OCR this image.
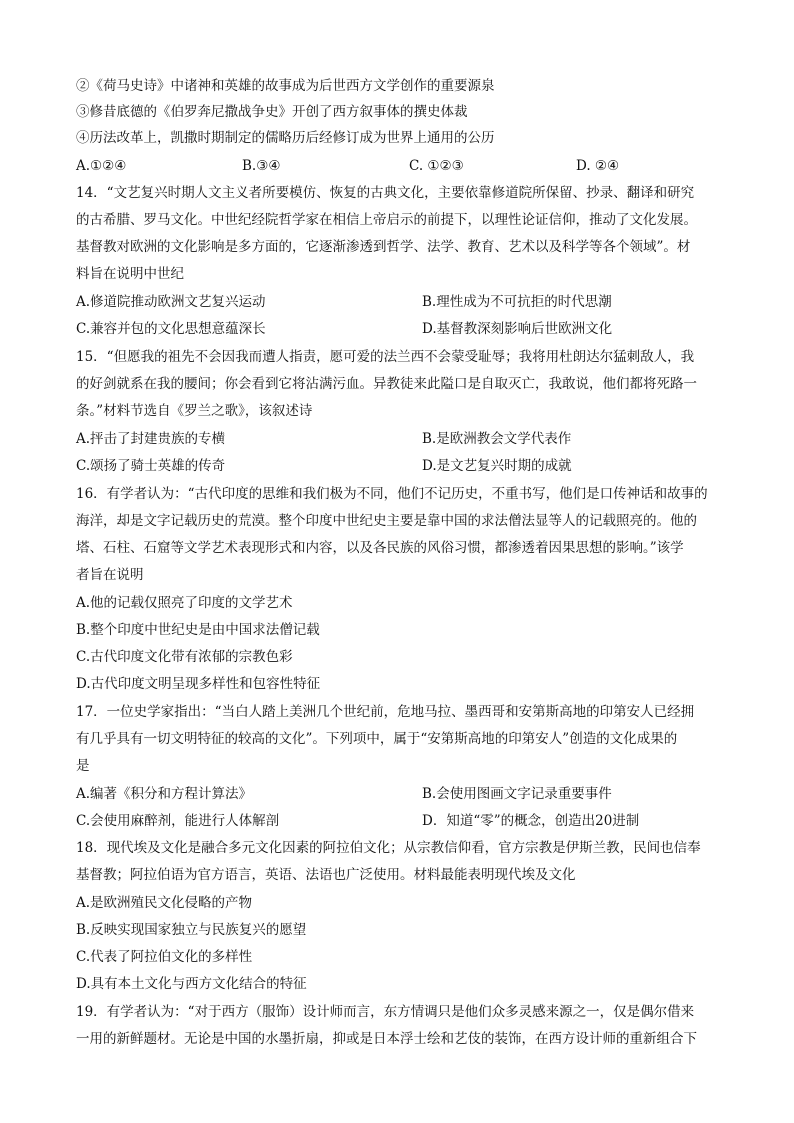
②《荷马史诗》中诸神和英雄的故事成为后世西方文学创作的重要源泉
③修昔底德的《伯罗奔尼撒战争史》开创了西方叙事体的撰史体裁
④历法改革上，凯撒时期制定的儒略历后经修订成为世界上通用的公历
A.①②④	B.③④	C. ①②③	D. ②④
14．“文艺复兴时期人文主义者所要模仿、恢复的古典文化，主要依靠修道院所保留、抄录、翻译和研究
的古希腊、罗马文化。中世纪经院哲学家在相信上帝启示的前提下，以理性论证信仰，推动了文化发展。
基督教对欧洲的文化影响是多方面的，它逐渐渗透到哲学、法学、教育、艺术以及科学等各个领域”。材
料旨在说明中世纪
A.修道院推动欧洲文艺复兴运动	B.理性成为不可抗拒的时代思潮
C.兼容并包的文化思想意蕴深长	D.基督教深刻影响后世欧洲文化
15．“但愿我的祖先不会因我而遭人指责，愿可爱的法兰西不会蒙受耻辱；我将用杜朗达尔猛刺敌人，我
的好剑就系在我的腰间；你会看到它将沾满污血。异教徒来此隘口是自取灭亡，我敢说，他们都将死路一
条。”材料节选自《罗兰之歌》，该叙述诗
A.抨击了封建贵族的专横	B.是欧洲教会文学代表作
C.颂扬了骑士英雄的传奇	D.是文艺复兴时期的成就
16．有学者认为：“古代印度的思维和我们极为不同，他们不记历史，不重书写，他们是口传神话和故事的
海洋，却是文字记载历史的荒漠。整个印度中世纪史主要是靠中国的求法僧法显等人的记载照亮的。他的
塔、石柱、石窟等文学艺术表现形式和内容，以及各民族的风俗习惯，都渗透着因果思想的影响。”该学
者旨在说明
A.他的记载仅照亮了印度的文学艺术
B.整个印度中世纪史是由中国求法僧记载
C.古代印度文化带有浓郁的宗教色彩
D.古代印度文明呈现多样性和包容性特征
17．一位史学家指出：“当白人踏上美洲几个世纪前，危地马拉、墨西哥和安第斯高地的印第安人已经拥
有几乎具有一切文明特征的较高的文化”。下列项中，属于“安第斯高地的印第安人”创造的文化成果的
是
A.编著《积分和方程计算法》	B.会使用图画文字记录重要事件
C.会使用麻醉剂，能进行人体解剖	D．知道“零”的概念，创造出20进制
18．现代埃及文化是融合多元文化因素的阿拉伯文化；从宗教信仰看，官方宗教是伊斯兰教，民间也信奉
基督教；阿拉伯语为官方语言，英语、法语也广泛使用。材料最能表明现代埃及文化
A.是欧洲殖民文化侵略的产物
B.反映实现国家独立与民族复兴的愿望
C.代表了阿拉伯文化的多样性
D.具有本土文化与西方文化结合的特征
19．有学者认为：“对于西方（服饰）设计师而言，东方情调只是他们众多灵感来源之一，仅是偶尔借来
一用的新鲜题材。无论是中国的水墨折扇，抑或是日本浮士绘和艺伎的装饰，在西方设计师的重新组合下
